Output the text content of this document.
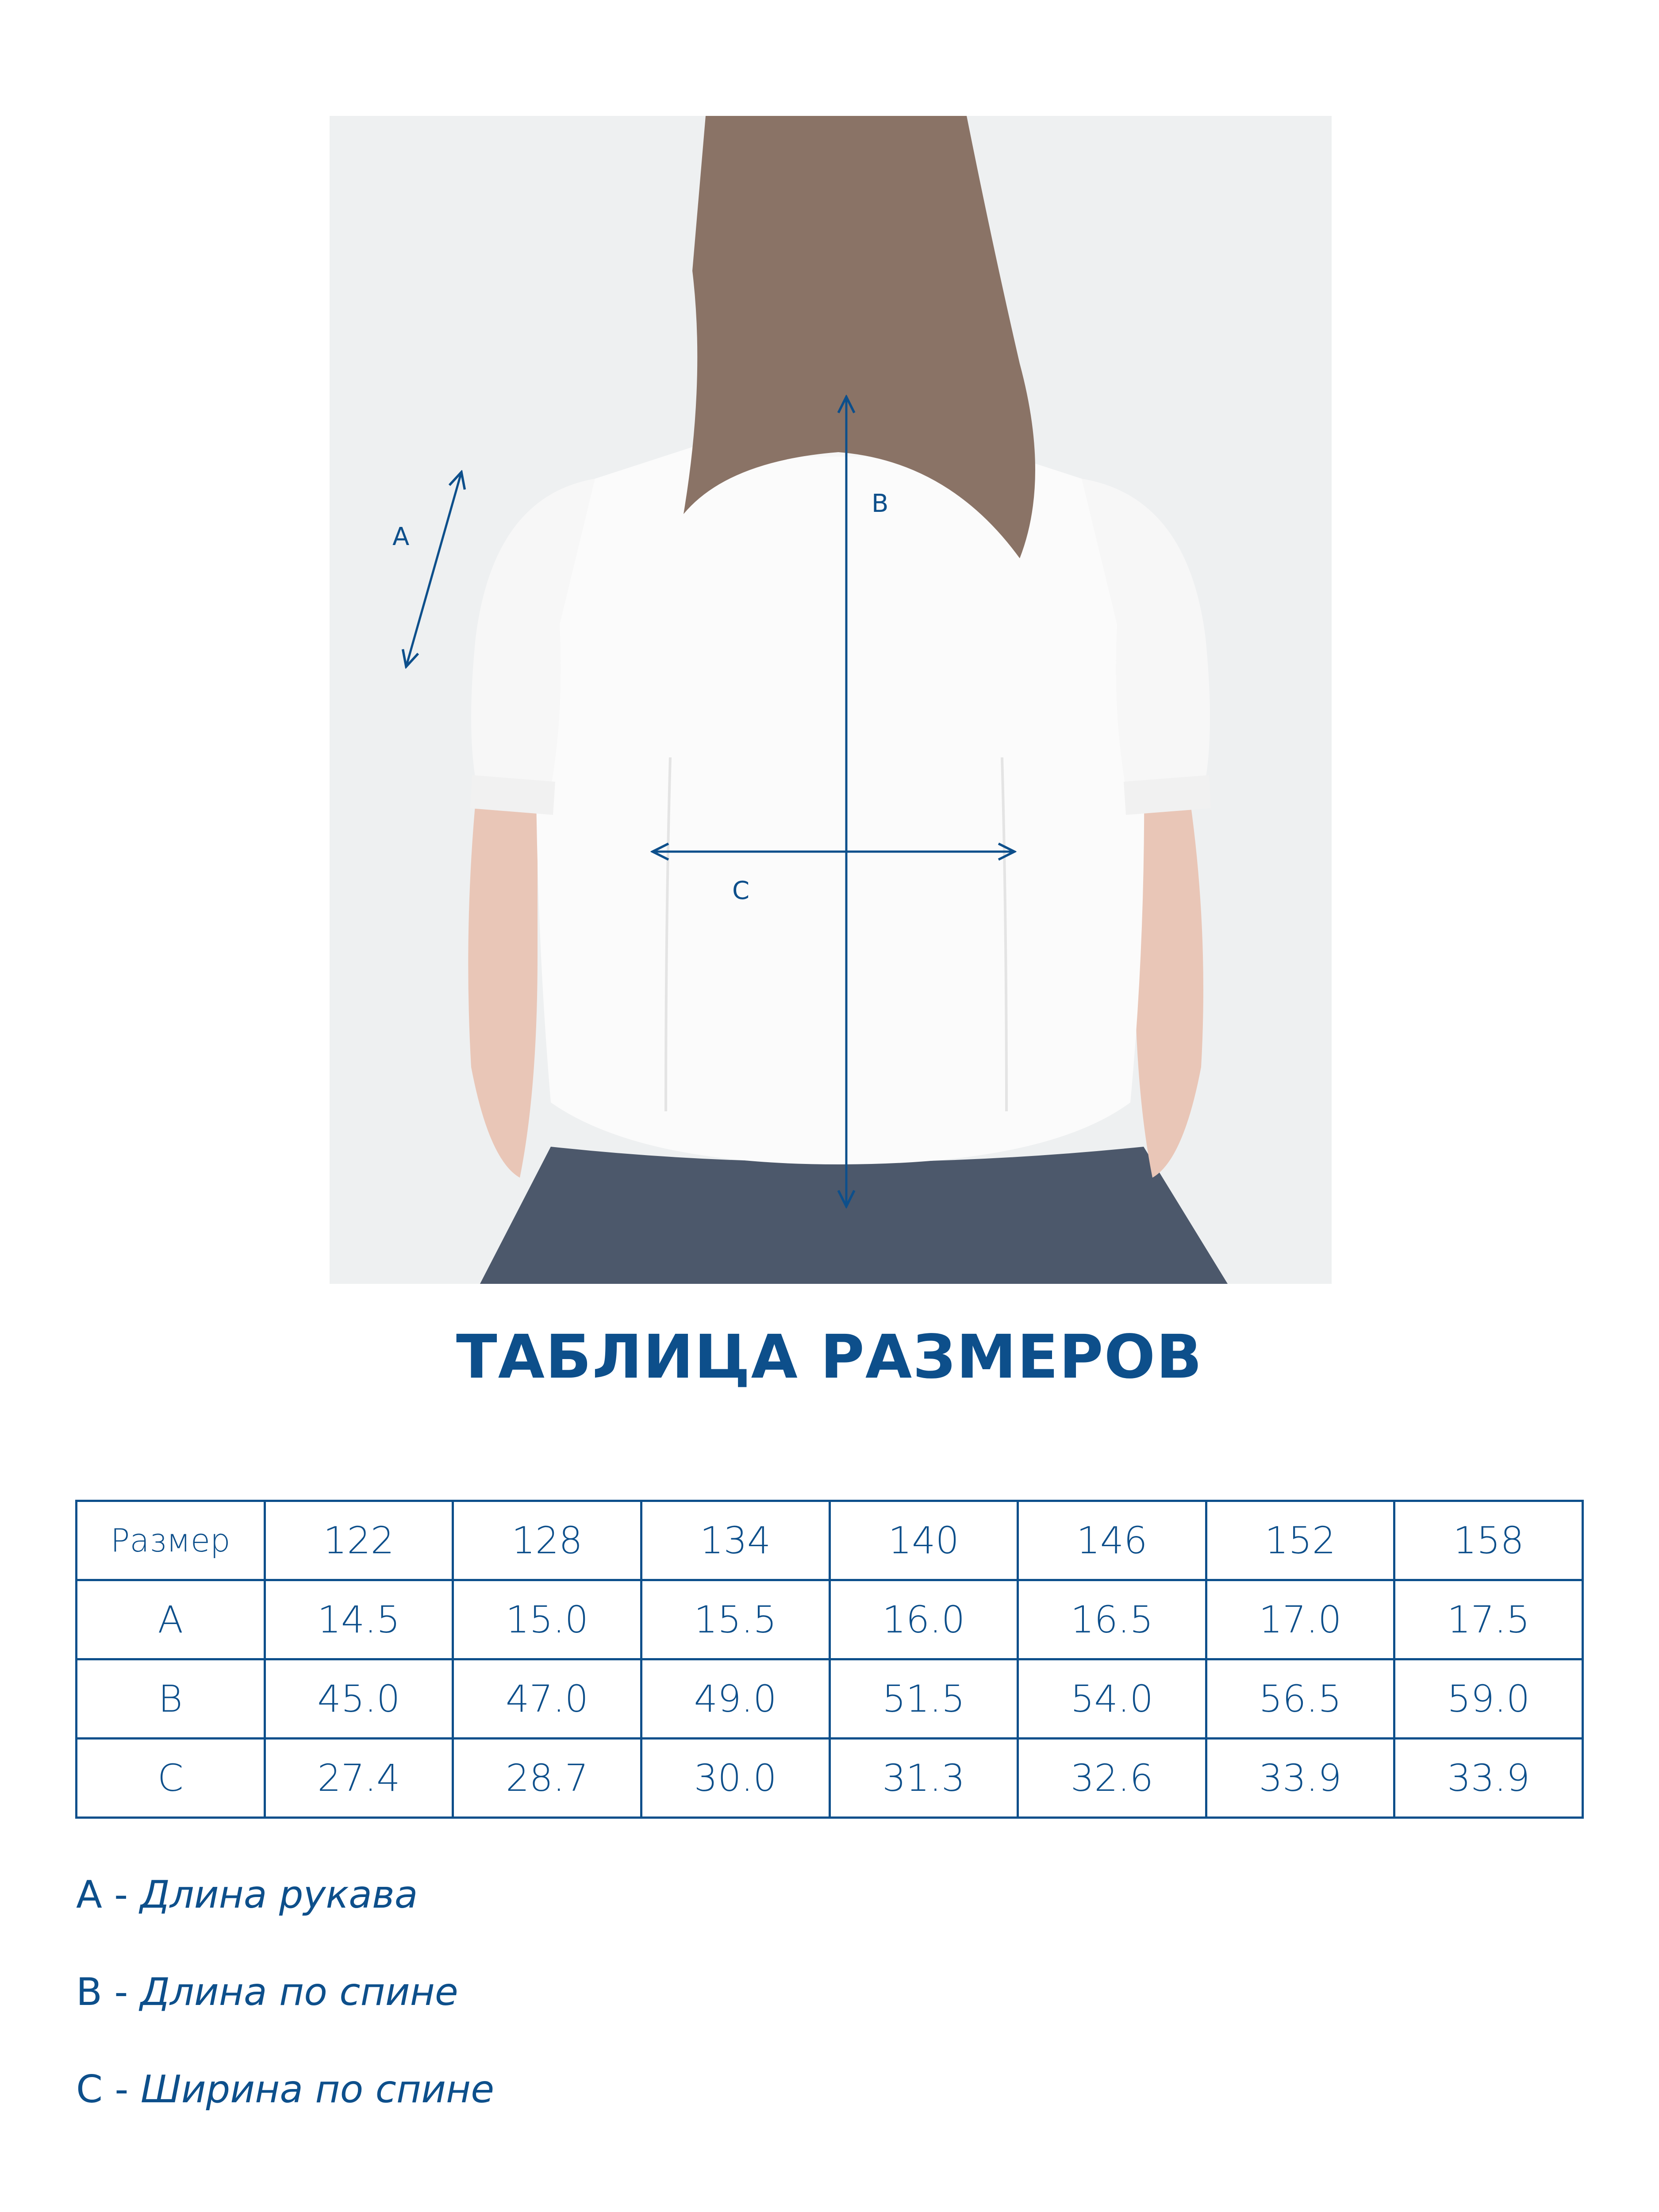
A
B
C
ТАБЛИЦА РАЗМЕРОВ
Размер	122	128	134	140	146	152	158
A	14.5	15.0	15.5	16.0	16.5	17.0	17.5
B	45.0	47.0	49.0	51.5	54.0	56.5	59.0
C	27.4	28.7	30.0	31.3	32.6	33.9	33.9
A - Длина рукава
B - Длина по спине
C - Ширина по спине
